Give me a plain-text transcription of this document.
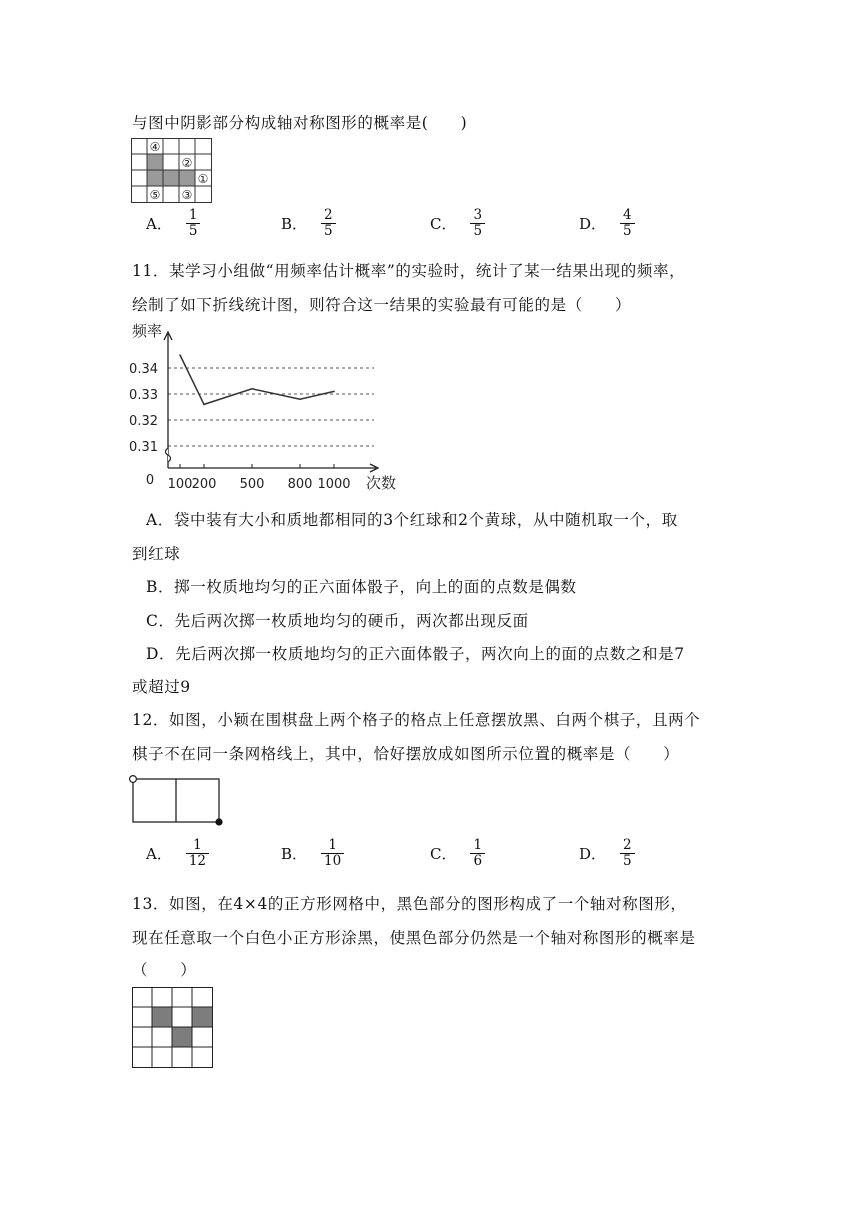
与图中阴影部分构成轴对称图形的概率是(　　)
④
②
①
⑤ ③
A． $\frac{1}{5}$	B． $\frac{2}{5}$	C． $\frac{3}{5}$	D． $\frac{4}{5}$
11．某学习小组做“用频率估计概率”的实验时，统计了某一结果出现的频率，
绘制了如下折线统计图，则符合这一结果的实验最有可能的是（　　）
0.31
0.32
0.33
0.34
频率
次数
0 100 200 500 800 1000
A．袋中装有大小和质地都相同的3个红球和2个黄球，从中随机取一个，取
到红球
B．掷一枚质地均匀的正六面体骰子，向上的面的点数是偶数
C．先后两次掷一枚质地均匀的硬币，两次都出现反面
D．先后两次掷一枚质地均匀的正六面体骰子，两次向上的面的点数之和是7
或超过9
12．如图，小颖在围棋盘上两个格子的格点上任意摆放黑、白两个棋子，且两个
棋子不在同一条网格线上，其中，恰好摆放成如图所示位置的概率是（　　）
A． $\frac{1}{12}$	B． $\frac{1}{10}$	C． $\frac{1}{6}$	D． $\frac{2}{5}$
13．如图，在4×4的正方形网格中，黑色部分的图形构成了一个轴对称图形，
现在任意取一个白色小正方形涂黑，使黑色部分仍然是一个轴对称图形的概率是
（　　）
